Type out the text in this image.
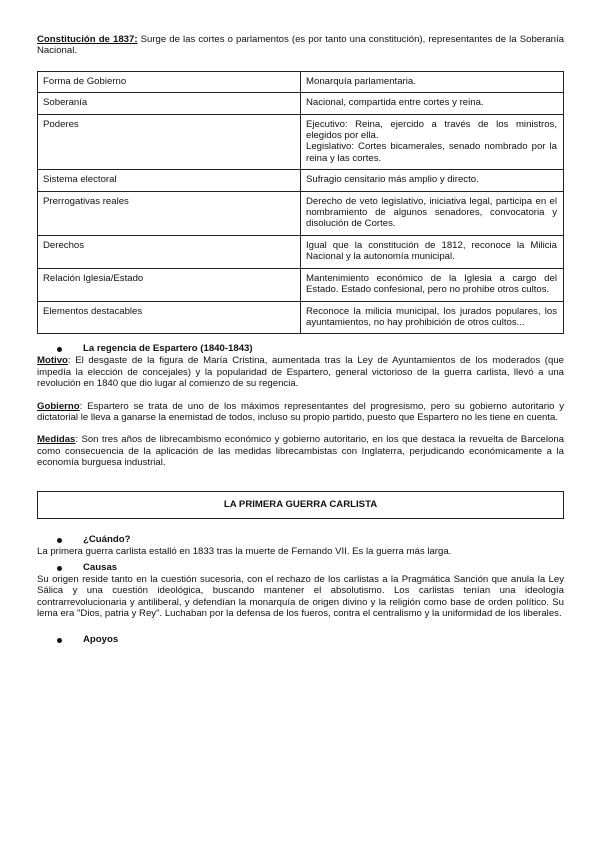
Constitución de 1837: Surge de las cortes o parlamentos (es por tanto una constitución), representantes de la Soberanía Nacional.

Forma de Gobierno	Monarquía parlamentaria.
Soberanía	Nacional, compartida entre cortes y reina.
Poderes	Ejecutivo: Reina, ejercido a través de los ministros, elegidos por ella.
Legislativo: Cortes bicamerales, senado nombrado por la reina y las cortes.

Sistema electoral	Sufragio censitario más amplio y directo.
Prerrogativas reales	Derecho de veto legislativo, iniciativa legal, participa en el nombramiento de algunos senadores, convocatoria y disolución de Cortes.
Derechos	Igual que la constitución de 1812, reconoce la Milicia Nacional y la autonomía municipal.
Relación Iglesia/Estado	Mantenimiento económico de la Iglesia a cargo del Estado. Estado confesional, pero no prohibe otros cultos.
Elementos destacables	Reconoce la milicia municipal, los jurados populares, los ayuntamientos, no hay prohibición de otros cultos...
La regencia de Espartero (1840-1843)

Motivo: El desgaste de la figura de María Cristina, aumentada tras la Ley de Ayuntamientos de los moderados (que impedía la elección de concejales) y la popularidad de Espartero, general victorioso de la guerra carlista, llevó a una revolución en 1840 que dio lugar al comienzo de su regencia.

Gobierno: Espartero se trata de uno de los máximos representantes del progresismo, pero su gobierno autoritario y dictatorial le lleva a ganarse la enemistad de todos, incluso su propio partido, puesto que Espartero no les tiene en cuenta.

Medidas: Son tres años de librecambismo económico y gobierno autoritario, en los que destaca la revuelta de Barcelona como consecuencia de la aplicación de las medidas librecambistas con Inglaterra, perjudicando económicamente a la economía burguesa industrial.

LA PRIMERA GUERRA CARLISTA
¿Cuándo?

La primera guerra carlista estalló en 1833 tras la muerte de Fernando VII. Es la guerra más larga.

Causas

Su origen reside tanto en la cuestión sucesoria, con el rechazo de los carlistas a la Pragmática Sanción que anula la Ley Sálica y una cuestión ideológica, buscando mantener el absolutismo. Los carlistas tenían una ideología contrarrevolucionaria y antiliberal, y defendían la monarquía de origen divino y la religión como base de orden político. Su lema era "Dios, patria y Rey". Luchaban por la defensa de los fueros, contra el centralismo y la uniformidad de los liberales.

Apoyos
